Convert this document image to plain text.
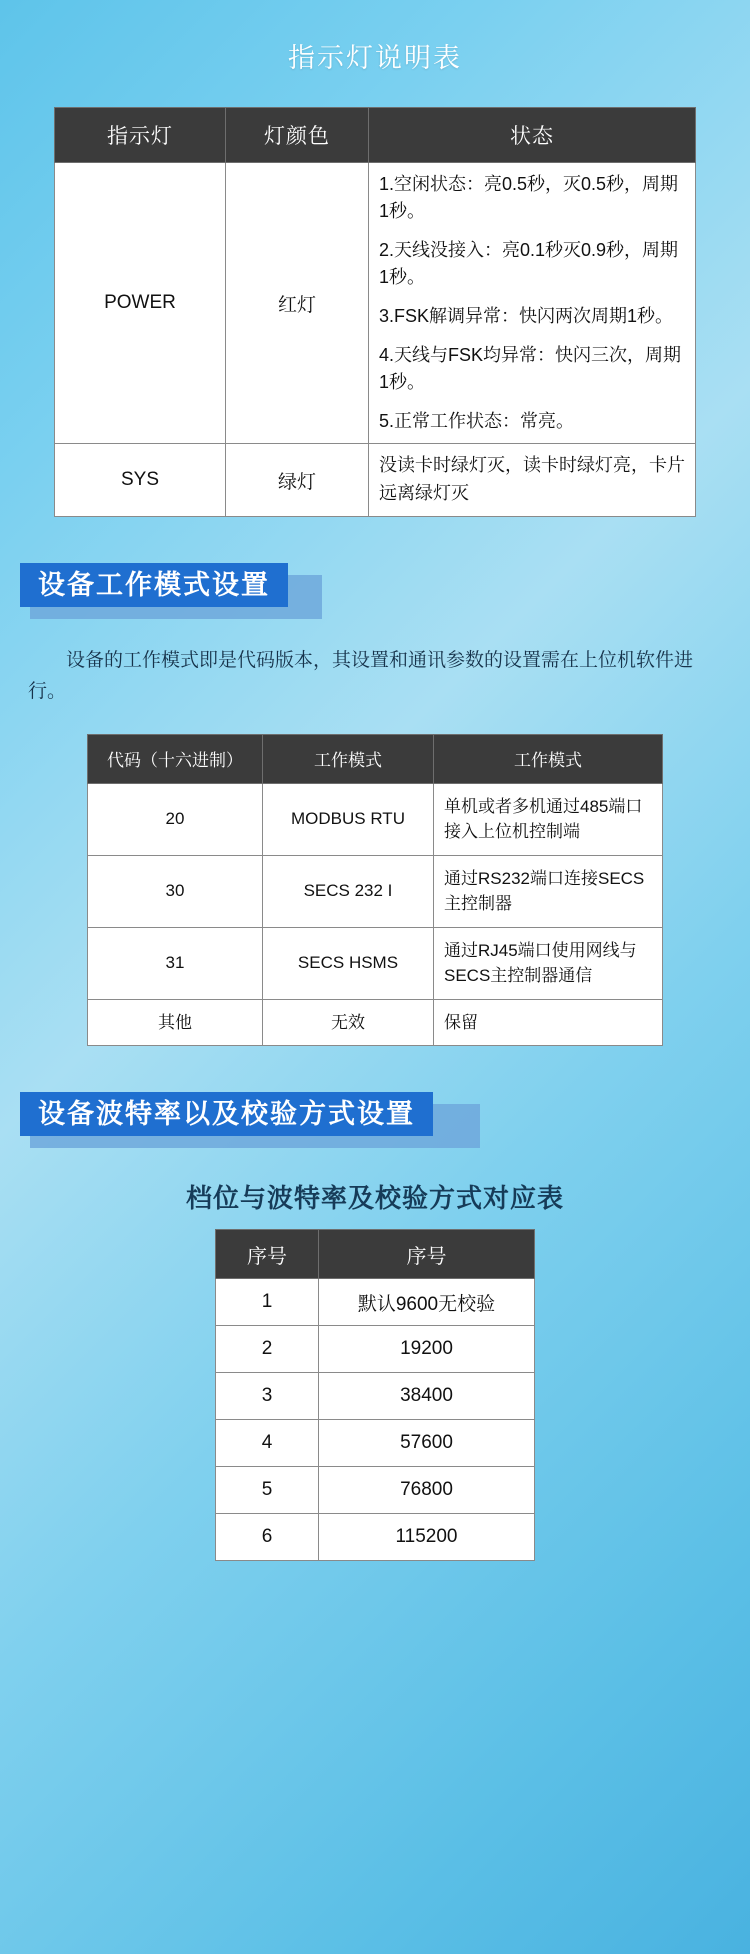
指示灯说明表
指示灯	灯颜色	状态
POWER	红灯	1.空闲状态：亮0.5秒，灭0.5秒，周期1秒。

2.天线没接入：亮0.1秒灭0.9秒，周期1秒。

3.FSK解调异常：快闪两次周期1秒。

4.天线与FSK均异常：快闪三次，周期1秒。

5.正常工作状态：常亮。

SYS	绿灯	没读卡时绿灯灭，读卡时绿灯亮，卡片远离绿灯灭
设备工作模式设置

设备的工作模式即是代码版本，其设置和通讯参数的设置需在上位机软件进行。

代码（十六进制）	工作模式	工作模式
20	MODBUS RTU	单机或者多机通过485端口接入上位机控制端
30	SECS 232 I	通过RS232端口连接SECS主控制器
31	SECS HSMS	通过RJ45端口使用网线与SECS主控制器通信
其他	无效	保留
设备波特率以及校验方式设置
档位与波特率及校验方式对应表
序号	序号
1	默认9600无校验
2	19200
3	38400
4	57600
5	76800
6	115200
